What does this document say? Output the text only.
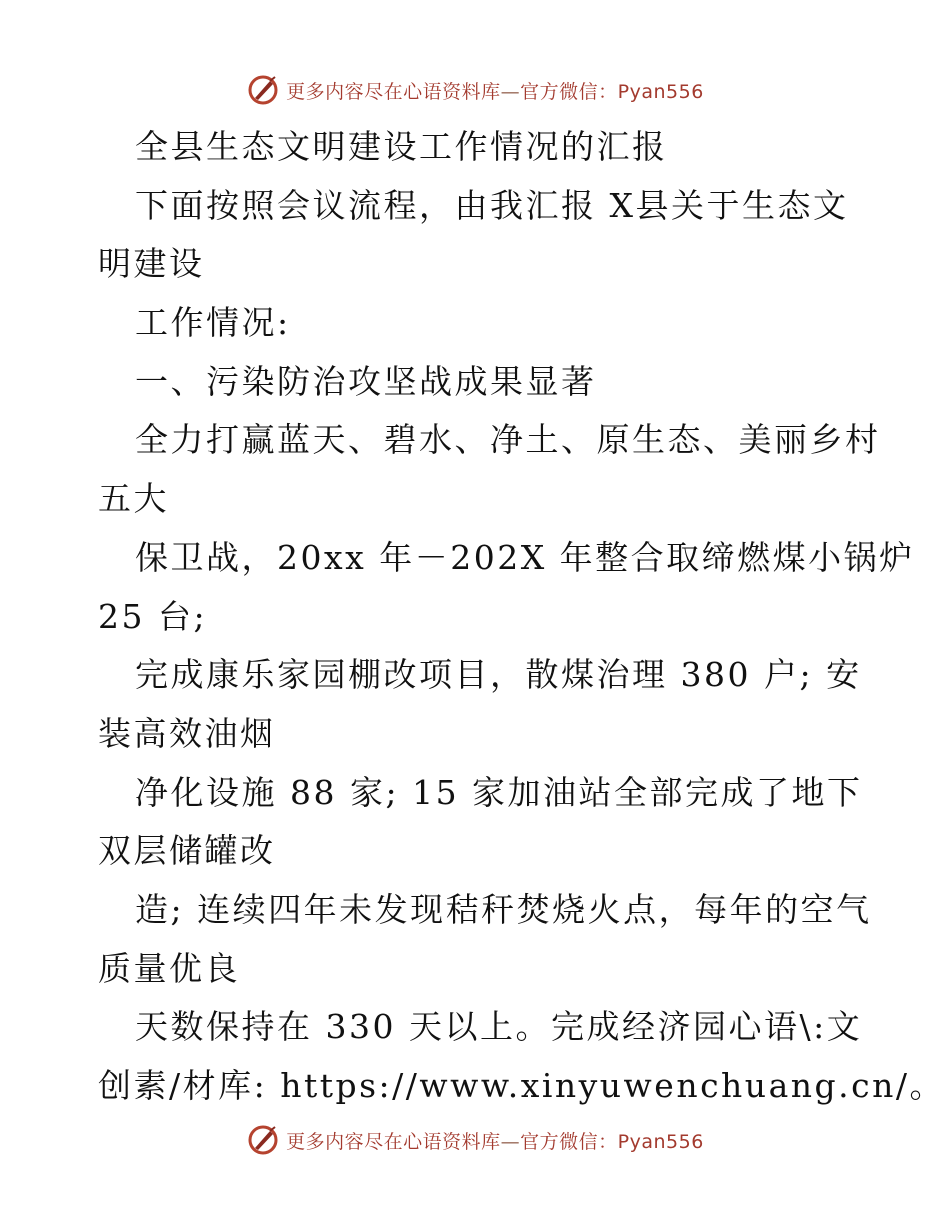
更多内容尽在心语资料库—官方微信：Pyan556
全县生态文明建设工作情况的汇报
下面按照会议流程，由我汇报 X县关于生态文
明建设
工作情况:
一、污染防治攻坚战成果显著
全力打赢蓝天、碧水、净土、原生态、美丽乡村
五大
保卫战，20xx 年－202X 年整合取缔燃煤小锅炉
25 台;
完成康乐家园棚改项目，散煤治理 380 户; 安
装高效油烟
净化设施 88 家; 15 家加油站全部完成了地下
双层储罐改
造; 连续四年未发现秸秆焚烧火点，每年的空气
质量优良
天数保持在 330 天以上。完成经济园心语\:文
创素/材库: https://www.xinyuwenchuang.cn/。
更多内容尽在心语资料库—官方微信：Pyan556
